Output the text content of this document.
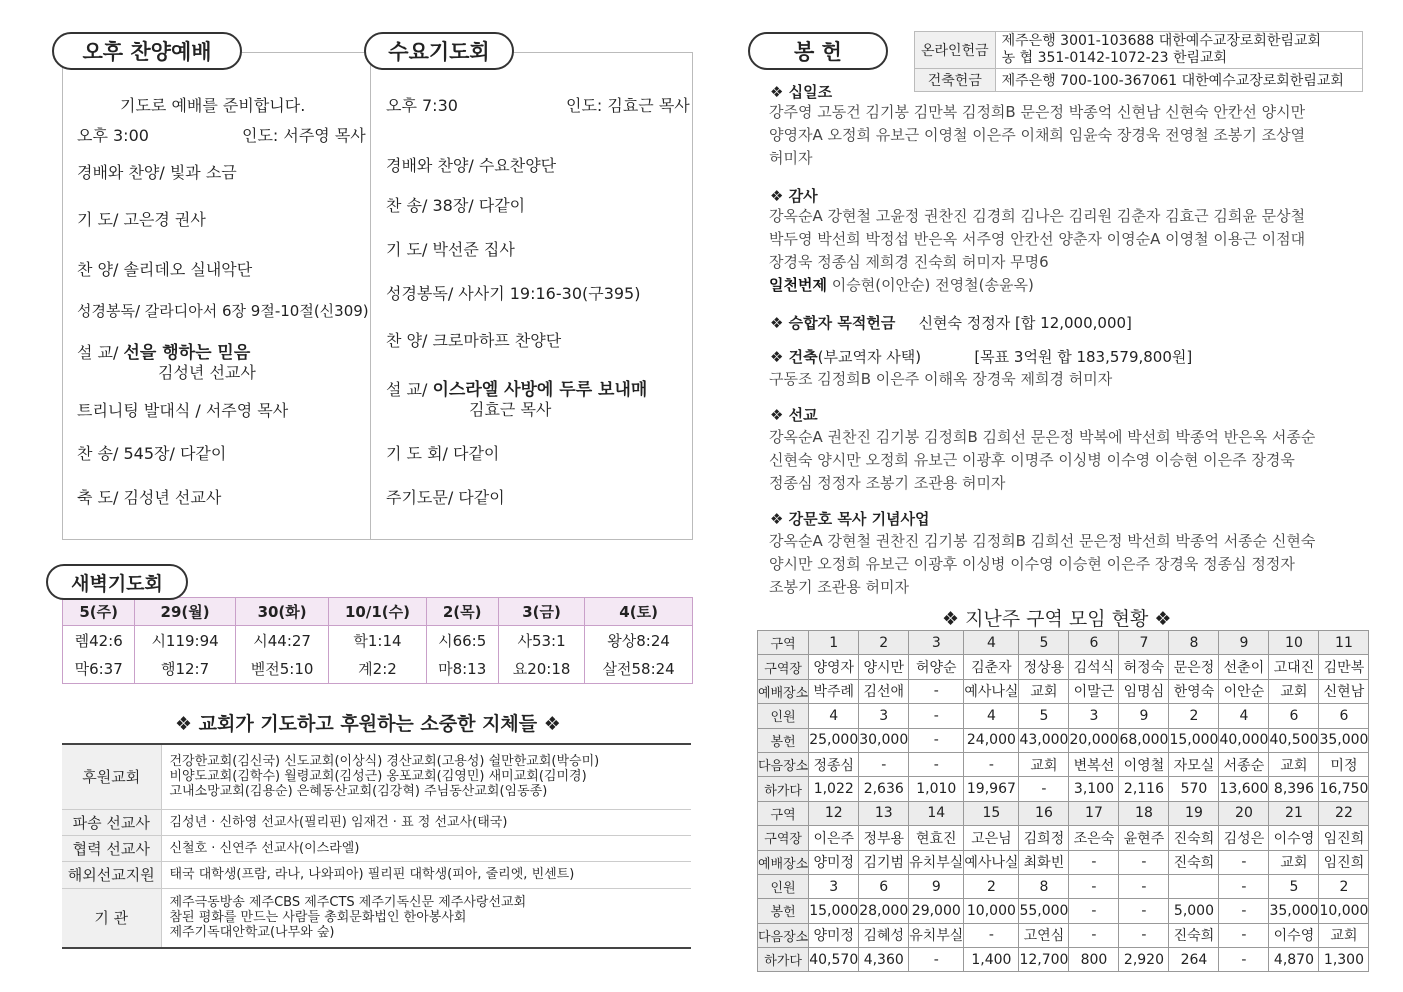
오후 찬양예배	수요기도회
기도로 예배를 준비합니다.
오후 3:00	인도: 서주영 목사
경배와 찬양/ 빛과 소금
기 도/ 고은경 권사
찬 양/ 솔리데오 실내악단
성경봉독/ 갈라디아서 6장 9절-10절(신309)
설 교/ 선을 행하는 믿음
김성년 선교사
트리니팅 발대식 / 서주영 목사
찬 송/ 545장/ 다같이
축 도/ 김성년 선교사
오후 7:30	인도: 김효근 목사
경배와 찬양/ 수요찬양단
찬 송/ 38장/ 다같이
기 도/ 박선준 집사
성경봉독/ 사사기 19:16-30(구395)
찬 양/ 크로마하프 찬양단
설 교/ 이스라엘 사방에 두루 보내매
김효근 목사
기 도 회/ 다같이
주기도문/ 다같이
새벽기도회
5(주)	29(월)	30(화)	10/1(수)	2(목)	3(금)	4(토)
렘42:6	시119:94	시44:27	학1:14	시66:5	사53:1	왕상8:24
막6:37	행12:7	벧전5:10	계2:2	마8:13	요20:18	살전58:24
❖ 교회가 기도하고 후원하는 소중한 지체들 ❖
후원교회	건강한교회(김신국) 신도교회(이상식) 경산교회(고용성) 쉴만한교회(박승미)
비양도교회(김학수) 월령교회(김성근) 옹포교회(김영민) 새미교회(김미경)
고내소망교회(김용순) 은혜동산교회(김강혁) 주님동산교회(임동종)

파송 선교사	김성년 · 신하영 선교사(필리핀) 임재건 · 표 정 선교사(태국)
협력 선교사	신철호 · 신연주 선교사(이스라엘)
해외선교지원	태국 대학생(프람, 라나, 나와피아) 필리핀 대학생(피아, 줄리엣, 빈센트)
기 관	제주극동방송 제주CBS 제주CTS 제주기독신문 제주사랑선교회
참된 평화를 만드는 사람들 총회문화법인 한아봉사회
제주기독대안학교(나무와 숲)
봉 헌	온라인헌금	제주은행 3001-103688 대한예수교장로회한림교회
농 협 351-0142-1072-23 한림교회

건축헌금	제주은행 700-100-367061 대한예수교장로회한림교회
❖ 십일조
강주영 고동건 김기봉 김만복 김정희B 문은정 박종억 신현남 신현숙 안칸선 양시만
양영자A 오정희 유보근 이영철 이은주 이채희 임윤숙 장경욱 전영철 조봉기 조상열
허미자
❖ 감사
강옥순A 강현철 고윤정 권찬진 김경희 김나은 김리원 김춘자 김효근 김희윤 문상철
박두영 박선희 박정섭 반은옥 서주영 안칸선 양춘자 이영순A 이영철 이용근 이점대
장경욱 정종심 제희경 진숙희 허미자 무명6
일천번제 이승현(이안순) 전영철(송윤옥)
❖ 승합자 목적헌금 신현숙 정정자 [합 12,000,000]
❖ 건축(부교역자 사택)	[목표 3억원 합 183,579,800원]
구동조 김정희B 이은주 이해옥 장경욱 제희경 허미자
❖ 선교
강옥순A 권찬진 김기봉 김정희B 김희선 문은정 박복에 박선희 박종억 반은옥 서종순
신현숙 양시만 오정희 유보근 이광후 이명주 이싱병 이수영 이승현 이은주 장경욱
정종심 정정자 조봉기 조관용 허미자
❖ 강문호 목사 기념사업
강옥순A 강현철 권찬진 김기봉 김정희B 김희선 문은정 박선희 박종억 서종순 신현숙
양시만 오정희 유보근 이광후 이싱병 이수영 이승현 이은주 장경욱 정종심 정정자
조봉기 조관용 허미자
❖ 지난주 구역 모임 현황 ❖
구역	1	2	3	4	5	6	7	8	9	10	11
구역장	양영자	양시만	허양순	김춘자	정상용	김석식	허정숙	문은정	선춘이	고대진	김만복
예배장소	박주례	김선애	-	예사나실	교회	이말근	임명심	한영숙	이안순	교회	신현남
인원	4	3	-	4	5	3	9	2	4	6	6
봉헌	25,000	30,000	-	24,000	43,000	20,000	68,000	15,000	40,000	40,500	35,000
다음장소	정종심	-	-	-	교회	변복선	이영철	자모실	서종순	교회	미정
하가다	1,022	2,636	1,010	19,967	-	3,100	2,116	570	13,600	8,396	16,750
구역	12	13	14	15	16	17	18	19	20	21	22
구역장	이은주	정부용	현효진	고은님	김희정	조은숙	윤현주	진숙희	김성은	이수영	임진희
예배장소	양미정	김기범	유치부실	예사나실	최화빈	-	-	진숙희	-	교회	임진희
인원	3	6	9	2	8	-	-		-	5	2
봉헌	15,000	28,000	29,000	10,000	55,000	-	-	5,000	-	35,000	10,000
다음장소	양미정	김혜성	유치부실	-	고연심	-	-	진숙희	-	이수영	교회
하가다	40,570	4,360	-	1,400	12,700	800	2,920	264	-	4,870	1,300
